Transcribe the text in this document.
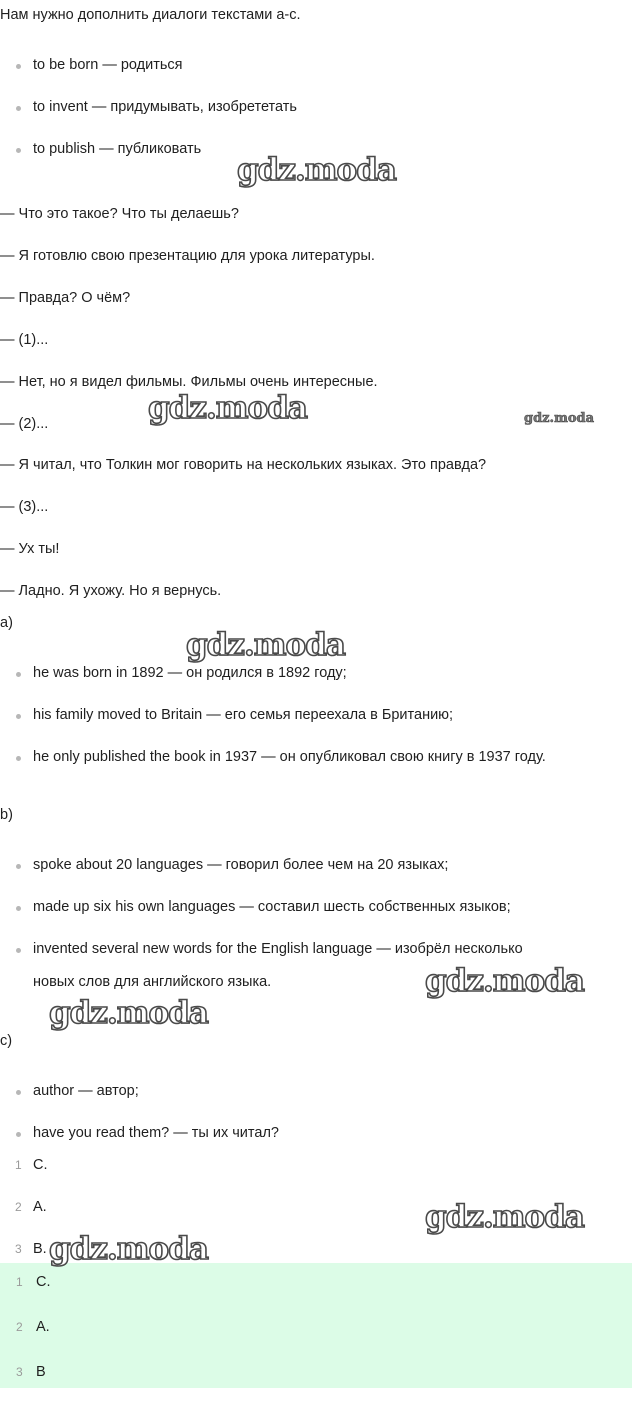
Нам нужно дополнить диалоги текстами a-c.
to be born — родиться
to invent — придумывать, изобрететать
to publish — публиковать
— Что это такое? Что ты делаешь?
— Я готовлю свою презентацию для урока литературы.
— Правда? О чём?
— (1)...
— Нет, но я видел фильмы. Фильмы очень интересные.
— (2)...
— Я читал, что Толкин мог говорить на нескольких языках. Это правда?
— (3)...
— Ух ты!
— Ладно. Я ухожу. Но я вернусь.
a)
he was born in 1892 — он родился в 1892 году;
his family moved to Britain — его семья переехала в Британию;
he only published the book in 1937 — он опубликовал свою книгу в 1937 году.
b)
spoke about 20 languages — говорил более чем на 20 языках;
made up six his own languages — составил шесть собственных языков;
invented several new words for the English language — изобрёл несколько
новых слов для английского языка.
c)
author — автор;
have you read them? — ты их читал?
1 C.
2 A.
3 B.
1 C.
2 A.
3 B
gdz.moda
gdz.moda	gdz.moda
gdz.moda
gdz.moda
gdz.moda
gdz.moda
gdz.moda
